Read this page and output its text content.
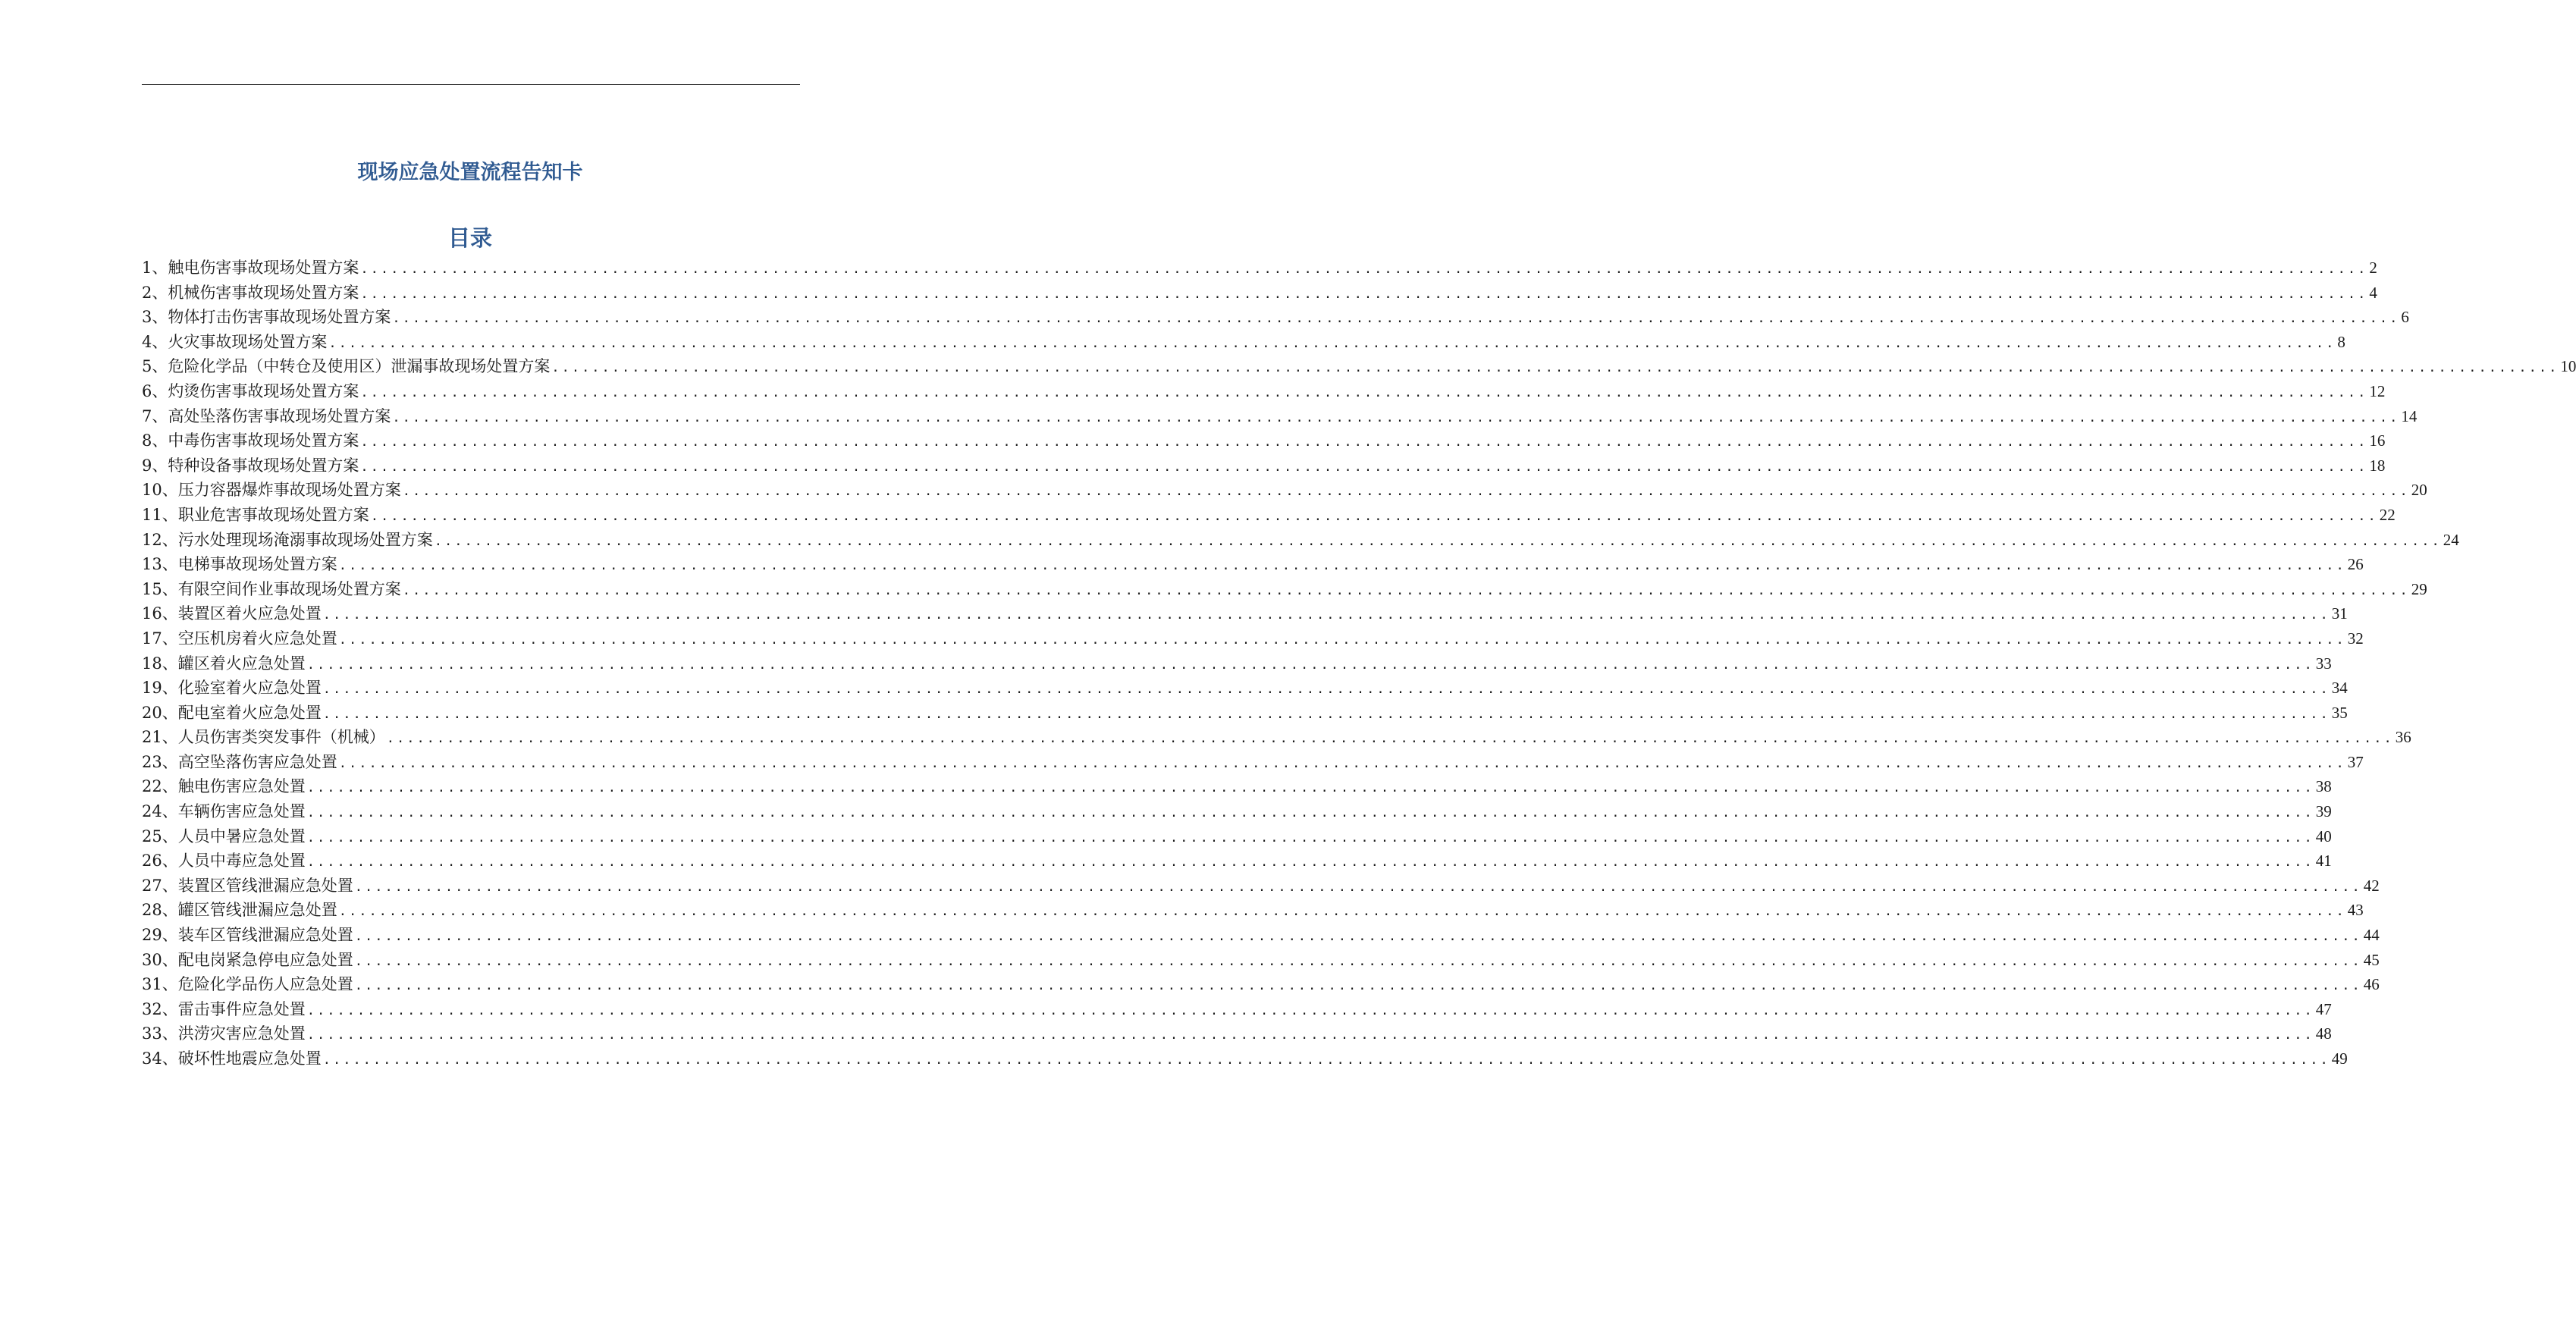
现场应急处置流程告知卡
目录
1、触电伤害事故现场处置方案 ........................................................................................................................................................................................................ 2
2、机械伤害事故现场处置方案 ........................................................................................................................................................................................................ 4
3、物体打击伤害事故现场处置方案 ........................................................................................................................................................................................................ 6
4、火灾事故现场处置方案 ........................................................................................................................................................................................................ 8
5、危险化学品（中转仓及使用区）泄漏事故现场处置方案 ........................................................................................................................................................................................................ 10
6、灼烫伤害事故现场处置方案 ........................................................................................................................................................................................................ 12
7、高处坠落伤害事故现场处置方案 ........................................................................................................................................................................................................ 14
8、中毒伤害事故现场处置方案 ........................................................................................................................................................................................................ 16
9、特种设备事故现场处置方案 ........................................................................................................................................................................................................ 18
10、压力容器爆炸事故现场处置方案 ........................................................................................................................................................................................................ 20
11、职业危害事故现场处置方案 ........................................................................................................................................................................................................ 22
12、污水处理现场淹溺事故现场处置方案 ........................................................................................................................................................................................................ 24
13、电梯事故现场处置方案 ........................................................................................................................................................................................................ 26
15、有限空间作业事故现场处置方案 ........................................................................................................................................................................................................ 29
16、装置区着火应急处置 ........................................................................................................................................................................................................ 31
17、空压机房着火应急处置 ........................................................................................................................................................................................................ 32
18、罐区着火应急处置 ........................................................................................................................................................................................................ 33
19、化验室着火应急处置 ........................................................................................................................................................................................................ 34
20、配电室着火应急处置 ........................................................................................................................................................................................................ 35
21、人员伤害类突发事件（机械） ........................................................................................................................................................................................................ 36
23、高空坠落伤害应急处置 ........................................................................................................................................................................................................ 37
22、触电伤害应急处置 ........................................................................................................................................................................................................ 38
24、车辆伤害应急处置 ........................................................................................................................................................................................................ 39
25、人员中暑应急处置 ........................................................................................................................................................................................................ 40
26、人员中毒应急处置 ........................................................................................................................................................................................................ 41
27、装置区管线泄漏应急处置 ........................................................................................................................................................................................................ 42
28、罐区管线泄漏应急处置 ........................................................................................................................................................................................................ 43
29、装车区管线泄漏应急处置 ........................................................................................................................................................................................................ 44
30、配电岗紧急停电应急处置 ........................................................................................................................................................................................................ 45
31、危险化学品伤人应急处置 ........................................................................................................................................................................................................ 46
32、雷击事件应急处置 ........................................................................................................................................................................................................ 47
33、洪涝灾害应急处置 ........................................................................................................................................................................................................ 48
34、破坏性地震应急处置 ........................................................................................................................................................................................................ 49
